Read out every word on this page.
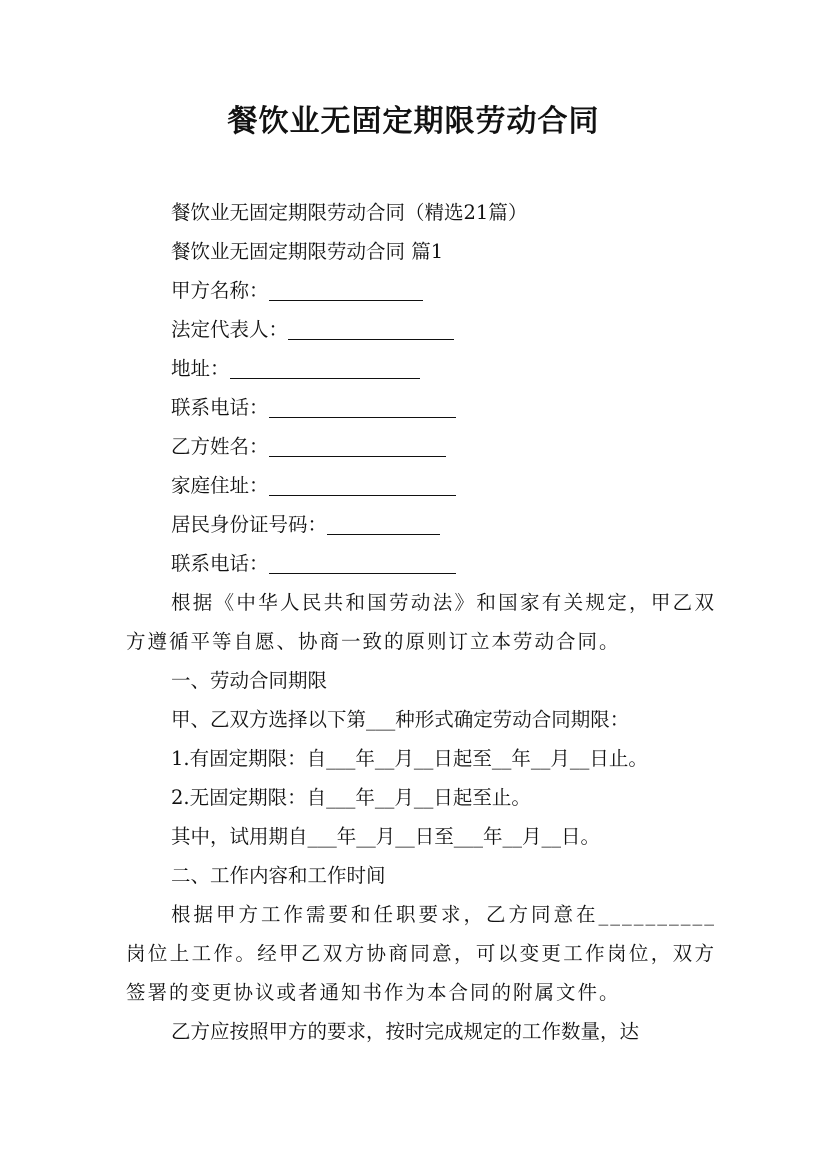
餐饮业无固定期限劳动合同

餐饮业无固定期限劳动合同（精选21篇）

餐饮业无固定期限劳动合同 篇1

甲方名称：

法定代表人：

地址：

联系电话：

乙方姓名：

家庭住址：

居民身份证号码：

联系电话：

根据《中华人民共和国劳动法》和国家有关规定，甲乙双方遵循平等自愿、协商一致的原则订立本劳动合同。

一、劳动合同期限

甲、乙双方选择以下第___种形式确定劳动合同期限：

1.有固定期限：自___年__月__日起至__年__月__日止。

2.无固定期限：自___年__月__日起至止。

其中，试用期自___年__月__日至___年__月__日。

二、工作内容和工作时间

根据甲方工作需要和任职要求，乙方同意在__________岗位上工作。经甲乙双方协商同意，可以变更工作岗位，双方签署的变更协议或者通知书作为本合同的附属文件。

乙方应按照甲方的要求，按时完成规定的工作数量，达
